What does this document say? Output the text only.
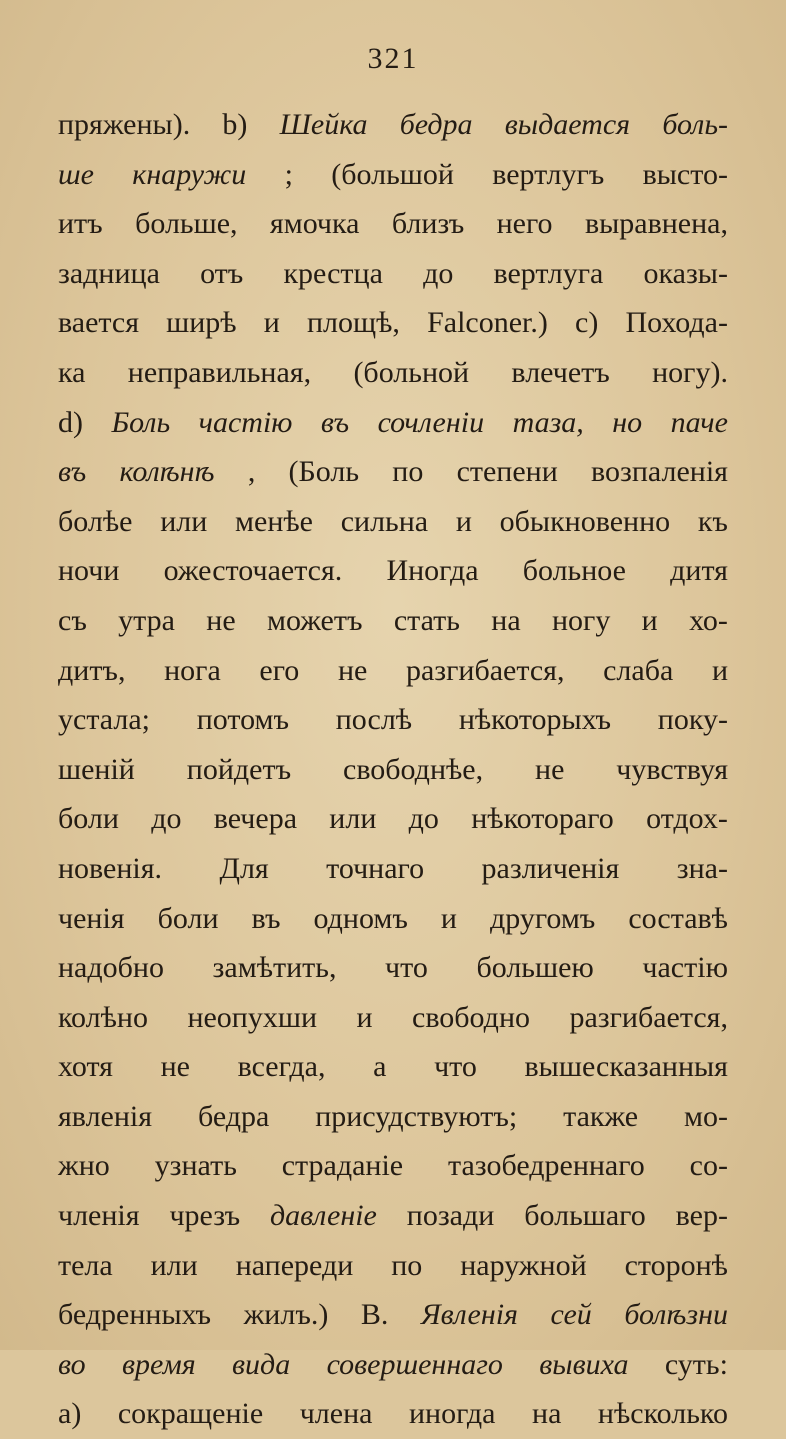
321
пряжены). b) Шейка бедра выдается боль-
ше кнаружи ; (большой вертлугъ высто-
итъ больше, ямочка близъ него выравнена,
задница отъ крестца до вертлуга оказы-
вается ширѣ и площѣ, Falconer.) c) Похода-
ка неправильная, (больной влечетъ ногу).
d) Боль частію въ сочленіи таза, но паче
въ колѣнѣ , (Боль по степени возпаленія
болѣе или менѣе сильна и обыкновенно къ
ночи ожесточается. Иногда больное дитя
съ утра не можетъ стать на ногу и хо-
дитъ, нога его не разгибается, слаба и
устала; потомъ послѣ нѣкоторыхъ поку-
шеній пойдетъ свободнѣе, не чувствуя
боли до вечера или до нѣкотораго отдох-
новенія. Для точнаго различенія зна-
ченія боли въ одномъ и другомъ составѣ
надобно замѣтить, что большею частію
колѣно неопухши и свободно разгибается,
хотя не всегда, а что вышесказанныя
явленія бедра присудствуютъ; также мо-
жно узнать страданіе тазобедреннаго со-
членія чрезъ давленіе позади большаго вер-
тела или напереди по наружной сторонѣ
бедренныхъ жилъ.) B. Явленія сей болѣзни
во время вида совершеннаго вывиха суть:
a) сокращеніе члена иногда на нѣсколько
